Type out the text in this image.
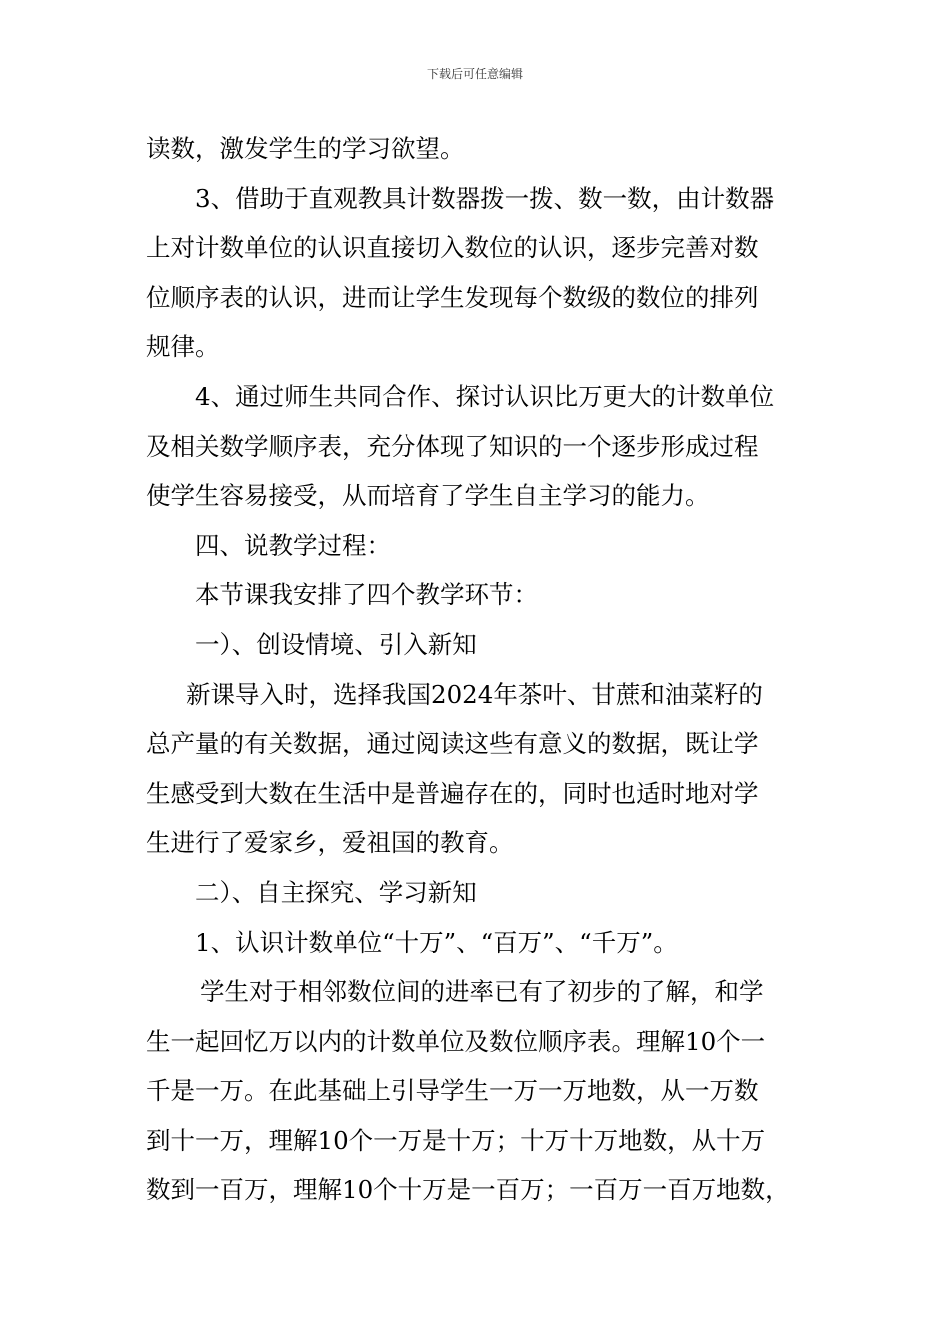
下载后可任意编辑
读数，激发学生的学习欲望。
3、借助于直观教具计数器拨一拨、数一数，由计数器
上对计数单位的认识直接切入数位的认识，逐步完善对数
位顺序表的认识，进而让学生发现每个数级的数位的排列
规律。
4、通过师生共同合作、探讨认识比万更大的计数单位
及相关数学顺序表，充分体现了知识的一个逐步形成过程
使学生容易接受，从而培育了学生自主学习的能力。
四、说教学过程：
本节课我安排了四个教学环节：
一）、创设情境、引入新知
新课导入时，选择我国2024年茶叶、甘蔗和油菜籽的
总产量的有关数据，通过阅读这些有意义的数据，既让学
生感受到大数在生活中是普遍存在的，同时也适时地对学
生进行了爱家乡，爱祖国的教育。
二）、自主探究、学习新知
1、认识计数单位“十万”、“百万”、“千万”。
学生对于相邻数位间的进率已有了初步的了解，和学
生一起回忆万以内的计数单位及数位顺序表。理解10个一
千是一万。在此基础上引导学生一万一万地数，从一万数
到十一万，理解10个一万是十万；十万十万地数，从十万
数到一百万，理解10个十万是一百万；一百万一百万地数，
